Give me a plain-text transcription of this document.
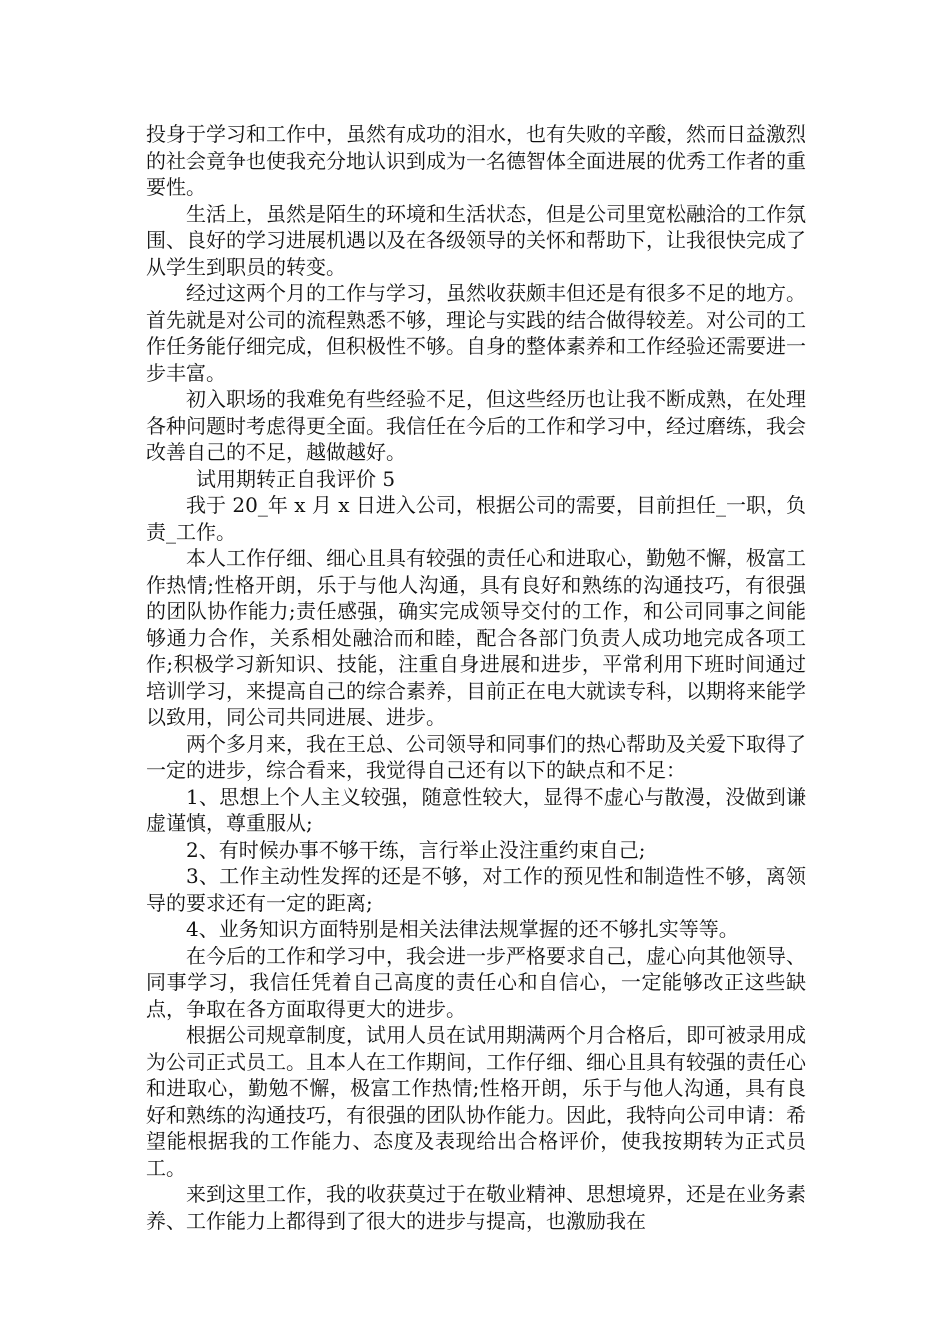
投身于学习和工作中，虽然有成功的泪水，也有失败的辛酸，然而日益激烈的社会竟争也使我充分地认识到成为一名德智体全面进展的优秀工作者的重要性。

生活上，虽然是陌生的环境和生活状态，但是公司里宽松融洽的工作氛围、良好的学习进展机遇以及在各级领导的关怀和帮助下，让我很快完成了从学生到职员的转变。

经过这两个月的工作与学习，虽然收获颇丰但还是有很多不足的地方。首先就是对公司的流程熟悉不够，理论与实践的结合做得较差。对公司的工作任务能仔细完成，但积极性不够。自身的整体素养和工作经验还需要进一步丰富。

初入职场的我难免有些经验不足，但这些经历也让我不断成熟，在处理各种问题时考虑得更全面。我信任在今后的工作和学习中，经过磨练，我会改善自己的不足，越做越好。

试用期转正自我评价 5

我于 20_年 x 月 x 日进入公司，根据公司的需要，目前担任_一职，负责_工作。

本人工作仔细、细心且具有较强的责任心和进取心，勤勉不懈，极富工作热情;性格开朗，乐于与他人沟通，具有良好和熟练的沟通技巧，有很强的团队协作能力;责任感强，确实完成领导交付的工作，和公司同事之间能够通力合作，关系相处融洽而和睦，配合各部门负责人成功地完成各项工作;积极学习新知识、技能，注重自身进展和进步，平常利用下班时间通过培训学习，来提高自己的综合素养，目前正在电大就读专科，以期将来能学以致用，同公司共同进展、进步。

两个多月来，我在王总、公司领导和同事们的热心帮助及关爱下取得了一定的进步，综合看来，我觉得自己还有以下的缺点和不足：

1、思想上个人主义较强，随意性较大，显得不虚心与散漫，没做到谦虚谨慎，尊重服从;

2、有时候办事不够干练，言行举止没注重约束自己;

3、工作主动性发挥的还是不够，对工作的预见性和制造性不够，离领导的要求还有一定的距离;

4、业务知识方面特别是相关法律法规掌握的还不够扎实等等。

在今后的工作和学习中，我会进一步严格要求自己，虚心向其他领导、同事学习，我信任凭着自己高度的责任心和自信心，一定能够改正这些缺点，争取在各方面取得更大的进步。

根据公司规章制度，试用人员在试用期满两个月合格后，即可被录用成为公司正式员工。且本人在工作期间，工作仔细、细心且具有较强的责任心和进取心，勤勉不懈，极富工作热情;性格开朗，乐于与他人沟通，具有良好和熟练的沟通技巧，有很强的团队协作能力。因此，我特向公司申请：希望能根据我的工作能力、态度及表现给出合格评价，使我按期转为正式员工。

来到这里工作，我的收获莫过于在敬业精神、思想境界，还是在业务素养、工作能力上都得到了很大的进步与提高，也激励我在
